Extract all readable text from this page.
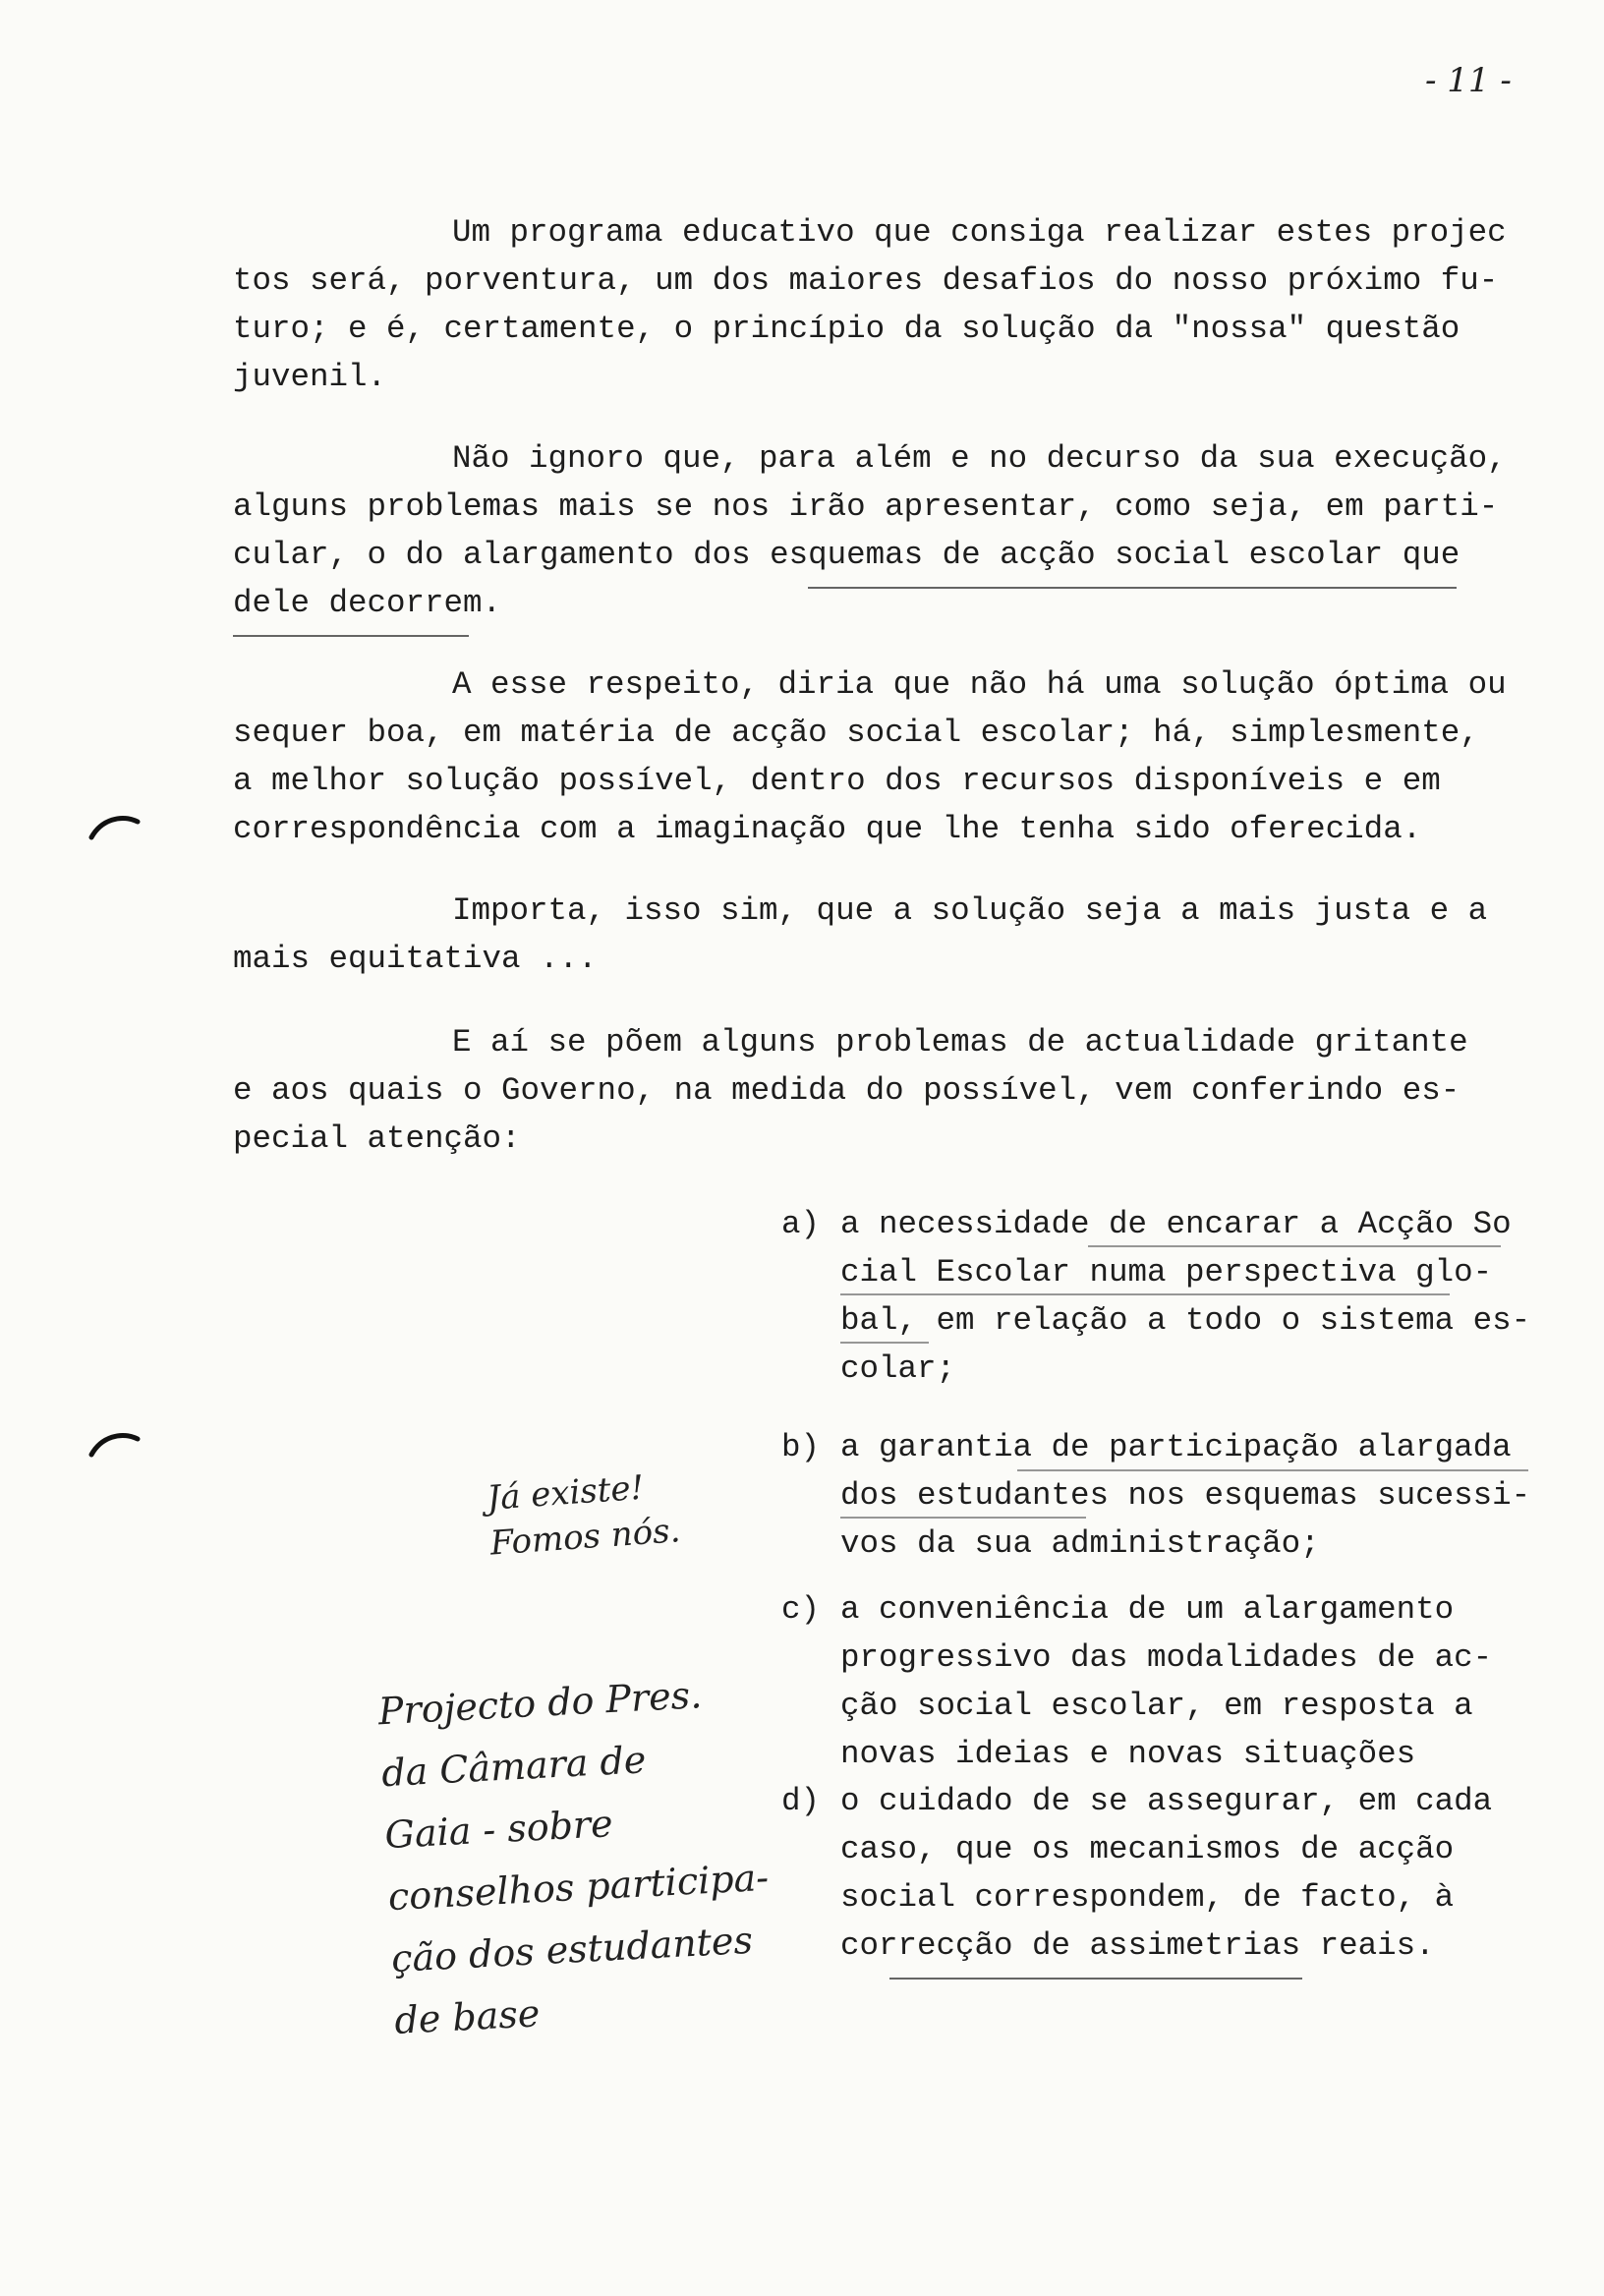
- 11 -
Um programa educativo que consiga realizar estes projec
tos será, porventura, um dos maiores desafios do nosso próximo fu-
turo; e é, certamente, o princípio da solução da "nossa" questão
juvenil.
Não ignoro que, para além e no decurso da sua execução,
alguns problemas mais se nos irão apresentar, como seja, em parti-
cular, o do alargamento dos esquemas de acção social escolar que
dele decorrem.
A esse respeito, diria que não há uma solução óptima ou
sequer boa, em matéria de acção social escolar; há, simplesmente,
a melhor solução possível, dentro dos recursos disponíveis e em
correspondência com a imaginação que lhe tenha sido oferecida.
Importa, isso sim, que a solução seja a mais justa e a
mais equitativa ...
E aí se põem alguns problemas de actualidade gritante
e aos quais o Governo, na medida do possível, vem conferindo es-
pecial atenção:
a) a necessidade de encarar a Acção So
cial Escolar numa perspectiva glo-
bal, em relação a todo o sistema es-
colar;
b) a garantia de participação alargada
dos estudantes nos esquemas sucessi-
vos da sua administração;
c) a conveniência de um alargamento
progressivo das modalidades de ac-
ção social escolar, em resposta a
novas ideias e novas situações
d) o cuidado de se assegurar, em cada
caso, que os mecanismos de acção
social correspondem, de facto, à
correcção de assimetrias reais.
Já existe!
Fomos nós.
Projecto do Pres.
da Câmara de
Gaia - sobre
conselhos participa-
ção dos estudantes
de base
